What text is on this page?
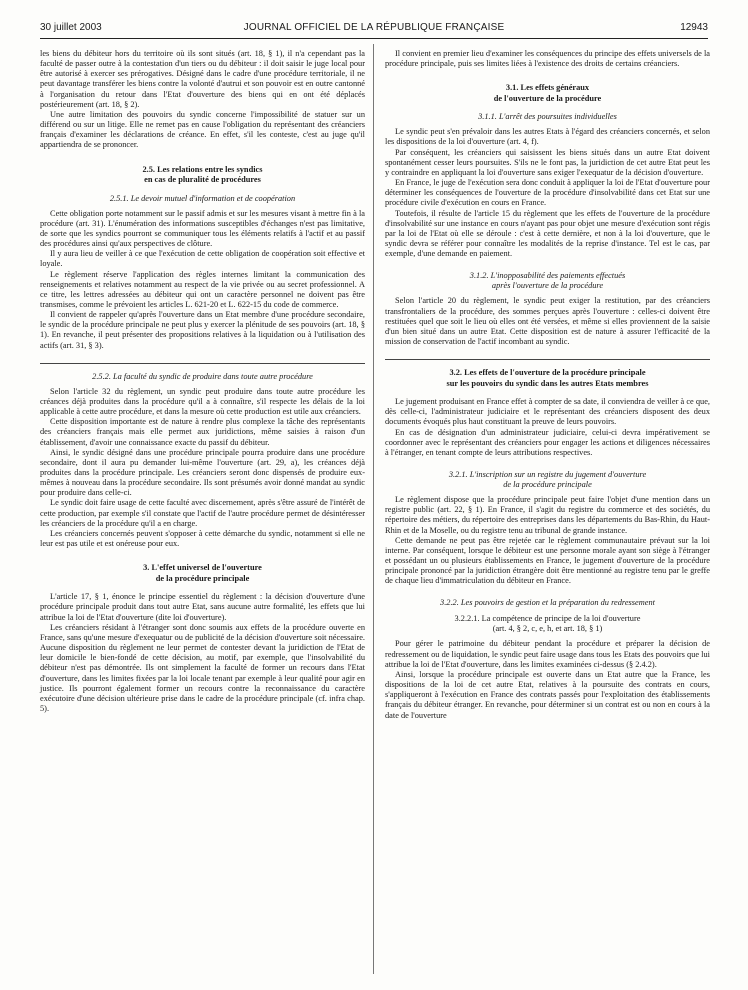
30 juillet 2003	JOURNAL OFFICIEL DE LA RÉPUBLIQUE FRANÇAISE	12943

les biens du débiteur hors du territoire où ils sont situés (art. 18, § 1), il n'a cependant pas la faculté de passer outre à la contestation d'un tiers ou du débiteur : il doit saisir le juge local pour être autorisé à exercer ses prérogatives. Désigné dans le cadre d'une procédure territoriale, il ne peut davantage transférer les biens contre la volonté d'autrui et son pouvoir est en outre cantonné à l'organisation du retour dans l'Etat d'ouverture des biens qui en ont été déplacés postérieurement (art. 18, § 2).

Une autre limitation des pouvoirs du syndic concerne l'impossibilité de statuer sur un différend ou sur un litige. Elle ne remet pas en cause l'obligation du représentant des créanciers français d'examiner les déclarations de créance. En effet, s'il les conteste, c'est au juge qu'il appartiendra de se prononcer.

2.5. Les relations entre les syndics
en cas de pluralité de procédures
2.5.1. Le devoir mutuel d'information et de coopération

Cette obligation porte notamment sur le passif admis et sur les mesures visant à mettre fin à la procédure (art. 31). L'énumération des informations susceptibles d'échanges n'est pas limitative, de sorte que les syndics pourront se communiquer tous les éléments relatifs à l'actif et au passif des procédures ainsi qu'aux perspectives de clôture.

Il y aura lieu de veiller à ce que l'exécution de cette obligation de coopération soit effective et loyale.

Le règlement réserve l'application des règles internes limitant la communication des renseignements et relatives notamment au respect de la vie privée ou au secret professionnel. A ce titre, les lettres adressées au débiteur qui ont un caractère personnel ne doivent pas être transmises, comme le prévoient les articles L. 621-20 et L. 622-15 du code de commerce.

Il convient de rappeler qu'après l'ouverture dans un Etat membre d'une procédure secondaire, le syndic de la procédure principale ne peut plus y exercer la plénitude de ses pouvoirs (art. 18, § 1). En revanche, il peut présenter des propositions relatives à la liquidation ou à l'utilisation des actifs (art. 31, § 3).

2.5.2. La faculté du syndic de produire dans toute autre procédure

Selon l'article 32 du règlement, un syndic peut produire dans toute autre procédure les créances déjà produites dans la procédure qu'il a à connaître, s'il respecte les délais de la loi applicable à cette autre procédure, et dans la mesure où cette production est utile aux créanciers.

Cette disposition importante est de nature à rendre plus complexe la tâche des représentants des créanciers français mais elle permet aux juridictions, même saisies à raison d'un établissement, d'avoir une connaissance exacte du passif du débiteur.

Ainsi, le syndic désigné dans une procédure principale pourra produire dans une procédure secondaire, dont il aura pu demander lui-même l'ouverture (art. 29, a), les créances déjà produites dans la procédure principale. Les créanciers seront donc dispensés de produire eux-mêmes à nouveau dans la procédure secondaire. Ils sont présumés avoir donné mandat au syndic pour produire dans celle-ci.

Le syndic doit faire usage de cette faculté avec discernement, après s'être assuré de l'intérêt de cette production, par exemple s'il constate que l'actif de l'autre procédure permet de désintéresser les créanciers de la procédure qu'il a en charge.

Les créanciers concernés peuvent s'opposer à cette démarche du syndic, notamment si elle ne leur est pas utile et est onéreuse pour eux.

3. L'effet universel de l'ouverture
de la procédure principale

L'article 17, § 1, énonce le principe essentiel du règlement : la décision d'ouverture d'une procédure principale produit dans tout autre Etat, sans aucune autre formalité, les effets que lui attribue la loi de l'Etat d'ouverture (dite loi d'ouverture).

Les créanciers résidant à l'étranger sont donc soumis aux effets de la procédure ouverte en France, sans qu'une mesure d'exequatur ou de publicité de la décision d'ouverture soit nécessaire. Aucune disposition du règlement ne leur permet de contester devant la juridiction de l'Etat de leur domicile le bien-fondé de cette décision, au motif, par exemple, que l'insolvabilité du débiteur n'est pas démontrée. Ils ont simplement la faculté de former un recours dans l'Etat d'ouverture, dans les limites fixées par la loi locale tenant par exemple à leur qualité pour agir en justice. Ils pourront également former un recours contre la reconnaissance du caractère exécutoire d'une décision ultérieure prise dans le cadre de la procédure principale (cf. infra chap. 5).

Il convient en premier lieu d'examiner les conséquences du principe des effets universels de la procédure principale, puis ses limites liées à l'existence des droits de certains créanciers.

3.1. Les effets généraux
de l'ouverture de la procédure
3.1.1. L'arrêt des poursuites individuelles

Le syndic peut s'en prévaloir dans les autres Etats à l'égard des créanciers concernés, et selon les dispositions de la loi d'ouverture (art. 4, f).

Par conséquent, les créanciers qui saisissent les biens situés dans un autre Etat doivent spontanément cesser leurs poursuites. S'ils ne le font pas, la juridiction de cet autre Etat peut les y contraindre en appliquant la loi d'ouverture sans exiger l'exequatur de la décision d'ouverture.

En France, le juge de l'exécution sera donc conduit à appliquer la loi de l'Etat d'ouverture pour déterminer les conséquences de l'ouverture de la procédure d'insolvabilité dans cet Etat sur une procédure civile d'exécution en cours en France.

Toutefois, il résulte de l'article 15 du règlement que les effets de l'ouverture de la procédure d'insolvabilité sur une instance en cours n'ayant pas pour objet une mesure d'exécution sont régis par la loi de l'Etat où elle se déroule : c'est à cette dernière, et non à la loi d'ouverture, que le syndic devra se référer pour connaître les modalités de la reprise d'instance. Tel est le cas, par exemple, d'une demande en paiement.

3.1.2. L'inopposabilité des paiements effectués
après l'ouverture de la procédure

Selon l'article 20 du règlement, le syndic peut exiger la restitution, par des créanciers transfrontaliers de la procédure, des sommes perçues après l'ouverture : celles-ci doivent être restituées quel que soit le lieu où elles ont été versées, et même si elles proviennent de la saisie d'un bien situé dans un autre Etat. Cette disposition est de nature à assurer l'efficacité de la mission de conservation de l'actif incombant au syndic.

3.2. Les effets de l'ouverture de la procédure principale
sur les pouvoirs du syndic dans les autres Etats membres

Le jugement produisant en France effet à compter de sa date, il conviendra de veiller à ce que, dès celle-ci, l'administrateur judiciaire et le représentant des créanciers disposent des deux documents évoqués plus haut constituant la preuve de leurs pouvoirs.

En cas de désignation d'un administrateur judiciaire, celui-ci devra impérativement se coordonner avec le représentant des créanciers pour engager les actions et diligences nécessaires à l'étranger, en tenant compte de leurs attributions respectives.

3.2.1. L'inscription sur un registre du jugement d'ouverture
de la procédure principale

Le règlement dispose que la procédure principale peut faire l'objet d'une mention dans un registre public (art. 22, § 1). En France, il s'agit du registre du commerce et des sociétés, du répertoire des métiers, du répertoire des entreprises dans les départements du Bas-Rhin, du Haut-Rhin et de la Moselle, ou du registre tenu au tribunal de grande instance.

Cette demande ne peut pas être rejetée car le règlement communautaire prévaut sur la loi interne. Par conséquent, lorsque le débiteur est une personne morale ayant son siège à l'étranger et possédant un ou plusieurs établissements en France, le jugement d'ouverture de la procédure principale prononcé par la juridiction étrangère doit être mentionné au registre tenu par le greffe de chaque lieu d'immatriculation du débiteur en France.

3.2.2. Les pouvoirs de gestion et la préparation du redressement
3.2.2.1. La compétence de principe de la loi d'ouverture
(art. 4, § 2, c, e, h, et art. 18, § 1)

Pour gérer le patrimoine du débiteur pendant la procédure et préparer la décision de redressement ou de liquidation, le syndic peut faire usage dans tous les Etats des pouvoirs que lui attribue la loi de l'Etat d'ouverture, dans les limites examinées ci-dessus (§ 2.4.2).

Ainsi, lorsque la procédure principale est ouverte dans un Etat autre que la France, les dispositions de la loi de cet autre Etat, relatives à la poursuite des contrats en cours, s'appliqueront à l'exécution en France des contrats passés pour l'exploitation des établissements français du débiteur étranger. En revanche, pour déterminer si un contrat est ou non en cours à la date de l'ouverture
